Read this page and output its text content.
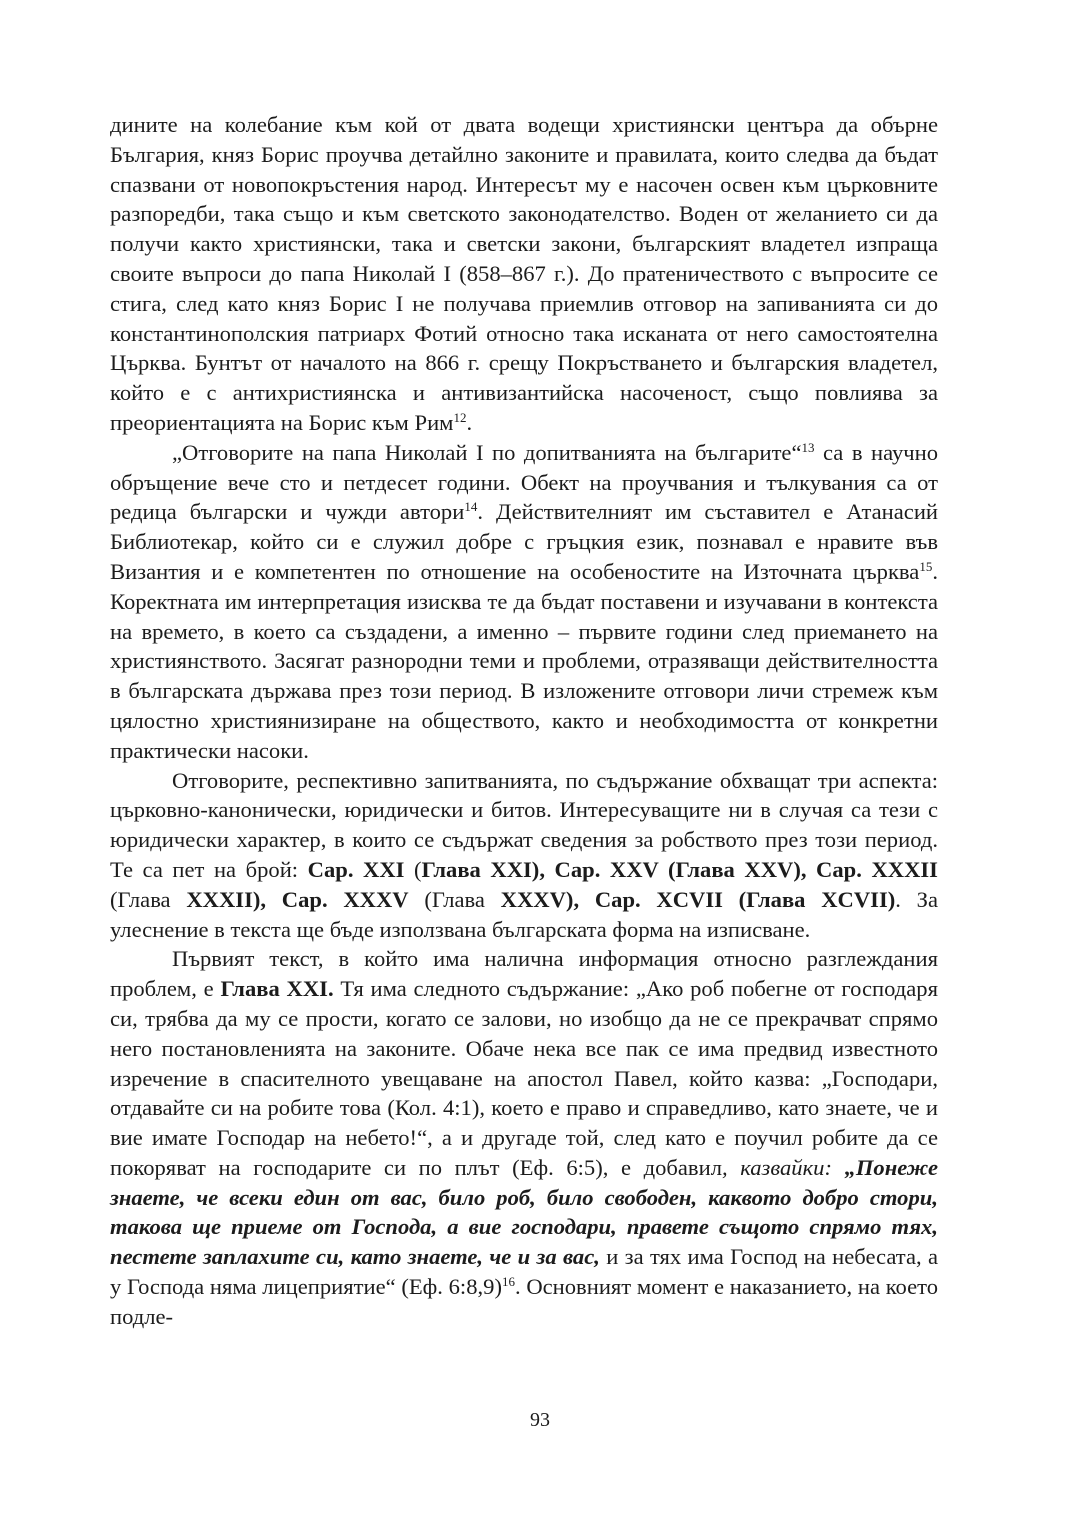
дините на колебание към кой от двата водещи християнски центъра да обърне България, княз Борис проучва детайлно законите и правилата, които следва да бъдат спазвани от новопокръстения народ. Интересът му е насочен освен към църковните разпоредби, така също и към светското законодателство. Воден от желанието си да получи както християнски, така и светски закони, българският владетел изпраща своите въпроси до папа Николай I (858–867 г.). До пратеничеството с въпросите се стига, след като княз Борис I не получава приемлив отговор на запиванията си до константинополския патриарх Фотий относно така исканата от него самостоятелна Църква. Бунтът от началото на 866 г. срещу Покръстването и българския владетел, който е с антихристиянска и антивизантийска насоченост, също повлиява за преориентацията на Борис към Рим$^{12}$.

„Отговорите на папа Николай I по допитванията на българите“$^{13}$ са в научно обръщение вече сто и петдесет години. Обект на проучвания и тълкувания са от редица български и чужди автори$^{14}$. Действителният им съставител е Атанасий Библиотекар, който си е служил добре с гръцкия език, познавал е нравите във Византия и е компетентен по отношение на особеностите на Източната църква$^{15}$. Коректната им интерпретация изисква те да бъдат поставени и изучавани в контекста на времето, в което са създадени, а именно – първите години след приемането на християнството. Засягат разнородни теми и проблеми, отразяващи действителността в българската държава през този период. В изложените отговори личи стремеж към цялостно християнизиране на обществото, както и необходимостта от конкретни практически насоки.

Отговорите, респективно запитванията, по съдържание обхващат три аспекта: църковно-канонически, юридически и битов. Интересуващите ни в случая са тези с юридически характер, в които се съдържат сведения за робството през този период. Те са пет на брой: Cap. XXI (Глава XXI), Cap. XXV (Глава XXV), Cap. XXXII (Глава XXXII), Cap. XXXV (Глава XXXV), Cap. XCVII (Глава XCVII). За улеснение в текста ще бъде използвана българската форма на изписване.

Първият текст, в който има налична информация относно разглеждания проблем, е Глава XXI. Тя има следното съдържание: „Ако роб побегне от господаря си, трябва да му се прости, когато се залови, но изобщо да не се прекрачват спрямо него постановленията на законите. Обаче нека все пак се има предвид известното изречение в спасителното увещаване на апостол Павел, който казва: „Господари, отдавайте си на робите това (Кол. 4:1), което е право и справедливо, като знаете, че и вие имате Господар на небето!“, а и другаде той, след като е поучил робите да се покоряват на господарите си по плът (Еф. 6:5), е добавил, казвайки: „Понеже знаете, че всеки един от вас, било роб, било свободен, каквото добро стори, такова ще приеме от Господа, а вие господари, правете същото спрямо тях, пестете заплахите си, като знаете, че и за вас, и за тях има Господ на небесата, а у Господа няма лицеприятие“ (Еф. 6:8,9)$^{16}$. Основният момент е наказанието, на което подле-

93
